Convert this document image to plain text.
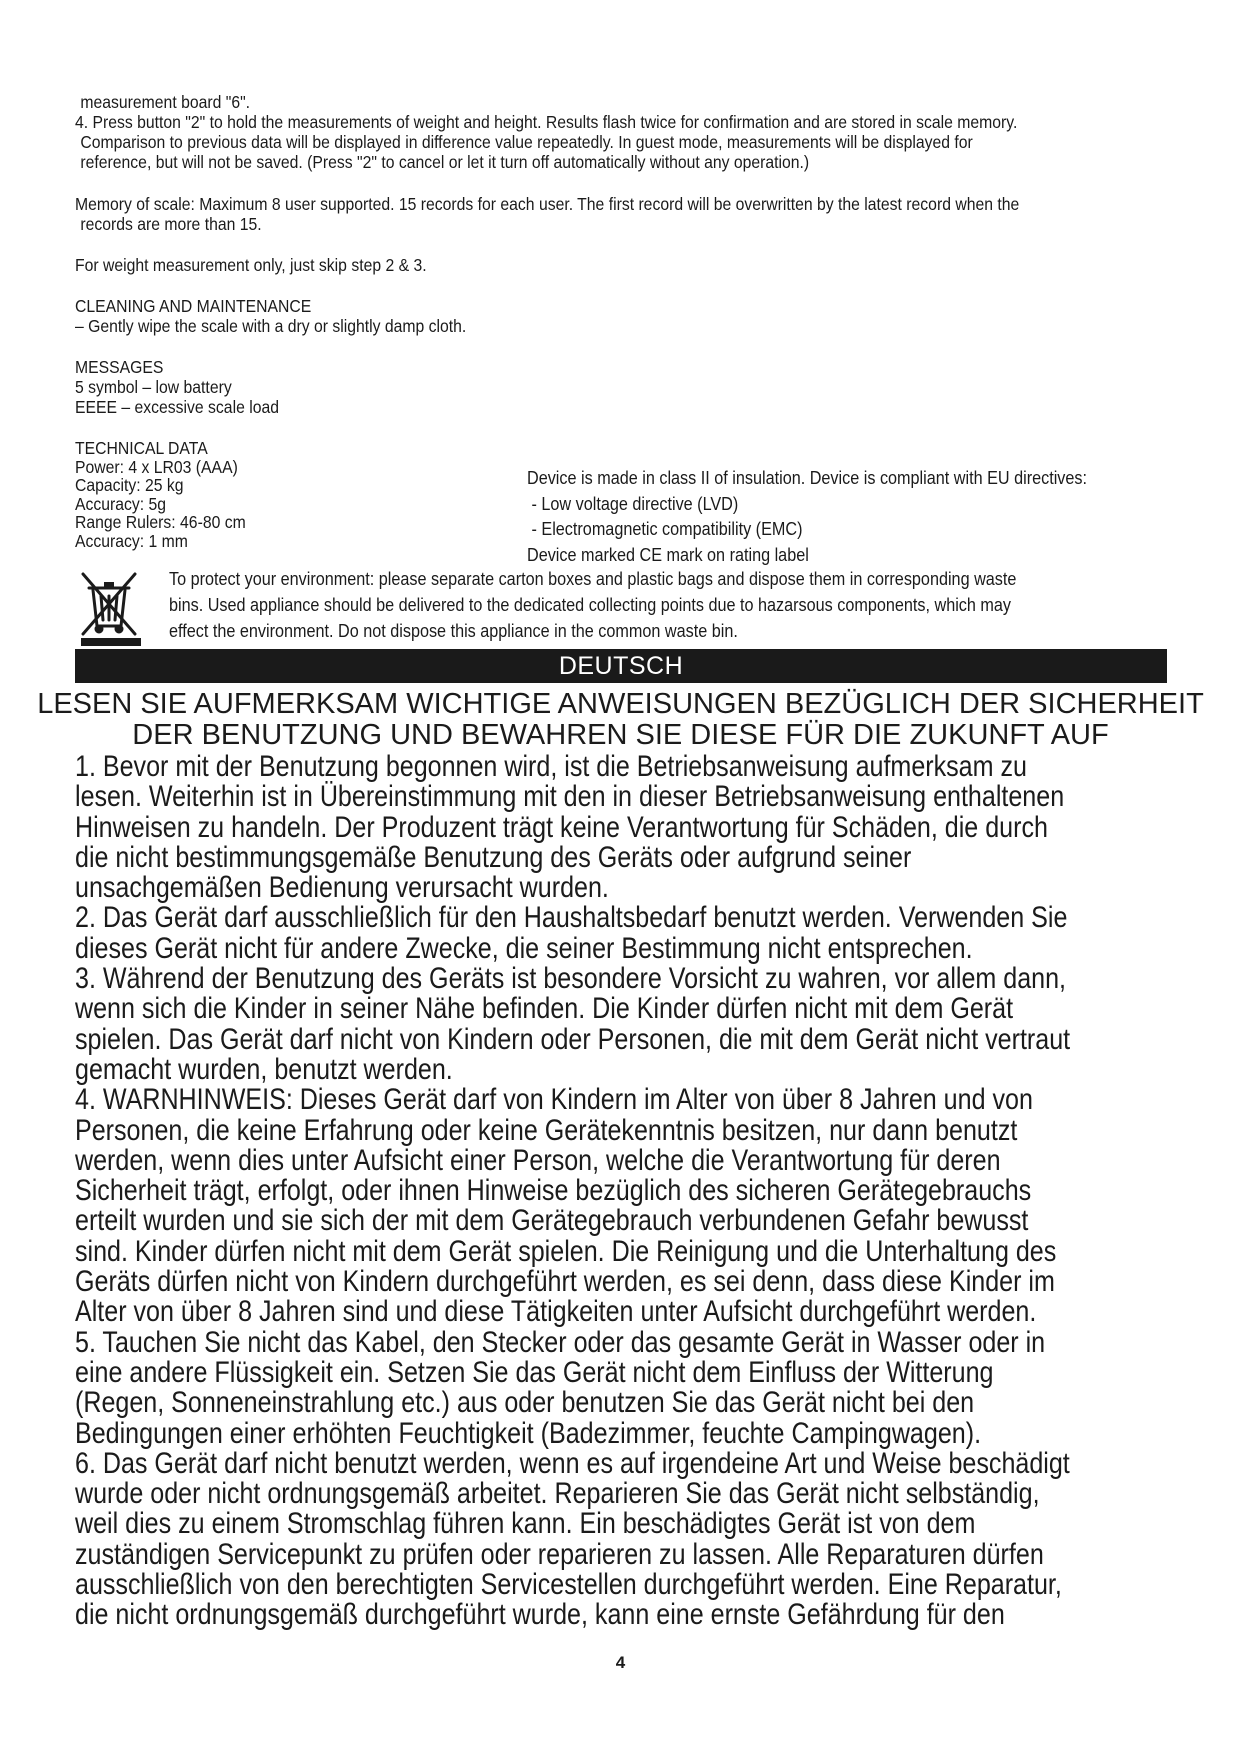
measurement board "6".

4. Press button "2" to hold the measurements of weight and height. Results flash twice for confirmation and are stored in scale memory.

Comparison to previous data will be displayed in difference value repeatedly. In guest mode, measurements will be displayed for

reference, but will not be saved. (Press "2" to cancel or let it turn off automatically without any operation.)

Memory of scale: Maximum 8 user supported. 15 records for each user. The first record will be overwritten by the latest record when the

records are more than 15.

For weight measurement only, just skip step 2 & 3.

CLEANING AND MAINTENANCE

– Gently wipe the scale with a dry or slightly damp cloth.

MESSAGES

5 symbol – low battery

EEEE – excessive scale load

TECHNICAL DATA

Power: 4 x LR03 (AAA)

Capacity: 25 kg

Accuracy: 5g

Range Rulers: 46-80 cm

Accuracy: 1 mm

Device is made in class II of insulation. Device is compliant with EU directives:

- Low voltage directive (LVD)

- Electromagnetic compatibility (EMC)

Device marked CE mark on rating label

To protect your environment: please separate carton boxes and plastic bags and dispose them in corresponding waste

bins. Used appliance should be delivered to the dedicated collecting points due to hazarsous components, which may

effect the environment. Do not dispose this appliance in the common waste bin.

DEUTSCH

LESEN SIE AUFMERKSAM WICHTIGE ANWEISUNGEN BEZÜGLICH DER SICHERHEIT

DER BENUTZUNG UND BEWAHREN SIE DIESE FÜR DIE ZUKUNFT AUF

1. Bevor mit der Benutzung begonnen wird, ist die Betriebsanweisung aufmerksam zu

lesen. Weiterhin ist in Übereinstimmung mit den in dieser Betriebsanweisung enthaltenen

Hinweisen zu handeln. Der Produzent trägt keine Verantwortung für Schäden, die durch

die nicht bestimmungsgemäße Benutzung des Geräts oder aufgrund seiner

unsachgemäßen Bedienung verursacht wurden.

2. Das Gerät darf ausschließlich für den Haushaltsbedarf benutzt werden. Verwenden Sie

dieses Gerät nicht für andere Zwecke, die seiner Bestimmung nicht entsprechen.

3. Während der Benutzung des Geräts ist besondere Vorsicht zu wahren, vor allem dann,

wenn sich die Kinder in seiner Nähe befinden. Die Kinder dürfen nicht mit dem Gerät

spielen. Das Gerät darf nicht von Kindern oder Personen, die mit dem Gerät nicht vertraut

gemacht wurden, benutzt werden.

4. WARNHINWEIS: Dieses Gerät darf von Kindern im Alter von über 8 Jahren und von

Personen, die keine Erfahrung oder keine Gerätekenntnis besitzen, nur dann benutzt

werden, wenn dies unter Aufsicht einer Person, welche die Verantwortung für deren

Sicherheit trägt, erfolgt, oder ihnen Hinweise bezüglich des sicheren Gerätegebrauchs

erteilt wurden und sie sich der mit dem Gerätegebrauch verbundenen Gefahr bewusst

sind. Kinder dürfen nicht mit dem Gerät spielen. Die Reinigung und die Unterhaltung des

Geräts dürfen nicht von Kindern durchgeführt werden, es sei denn, dass diese Kinder im

Alter von über 8 Jahren sind und diese Tätigkeiten unter Aufsicht durchgeführt werden.

5. Tauchen Sie nicht das Kabel, den Stecker oder das gesamte Gerät in Wasser oder in

eine andere Flüssigkeit ein. Setzen Sie das Gerät nicht dem Einfluss der Witterung

(Regen, Sonneneinstrahlung etc.) aus oder benutzen Sie das Gerät nicht bei den

Bedingungen einer erhöhten Feuchtigkeit (Badezimmer, feuchte Campingwagen).

6. Das Gerät darf nicht benutzt werden, wenn es auf irgendeine Art und Weise beschädigt

wurde oder nicht ordnungsgemäß arbeitet. Reparieren Sie das Gerät nicht selbständig,

weil dies zu einem Stromschlag führen kann. Ein beschädigtes Gerät ist von dem

zuständigen Servicepunkt zu prüfen oder reparieren zu lassen. Alle Reparaturen dürfen

ausschließlich von den berechtigten Servicestellen durchgeführt werden. Eine Reparatur,

die nicht ordnungsgemäß durchgeführt wurde, kann eine ernste Gefährdung für den

4
